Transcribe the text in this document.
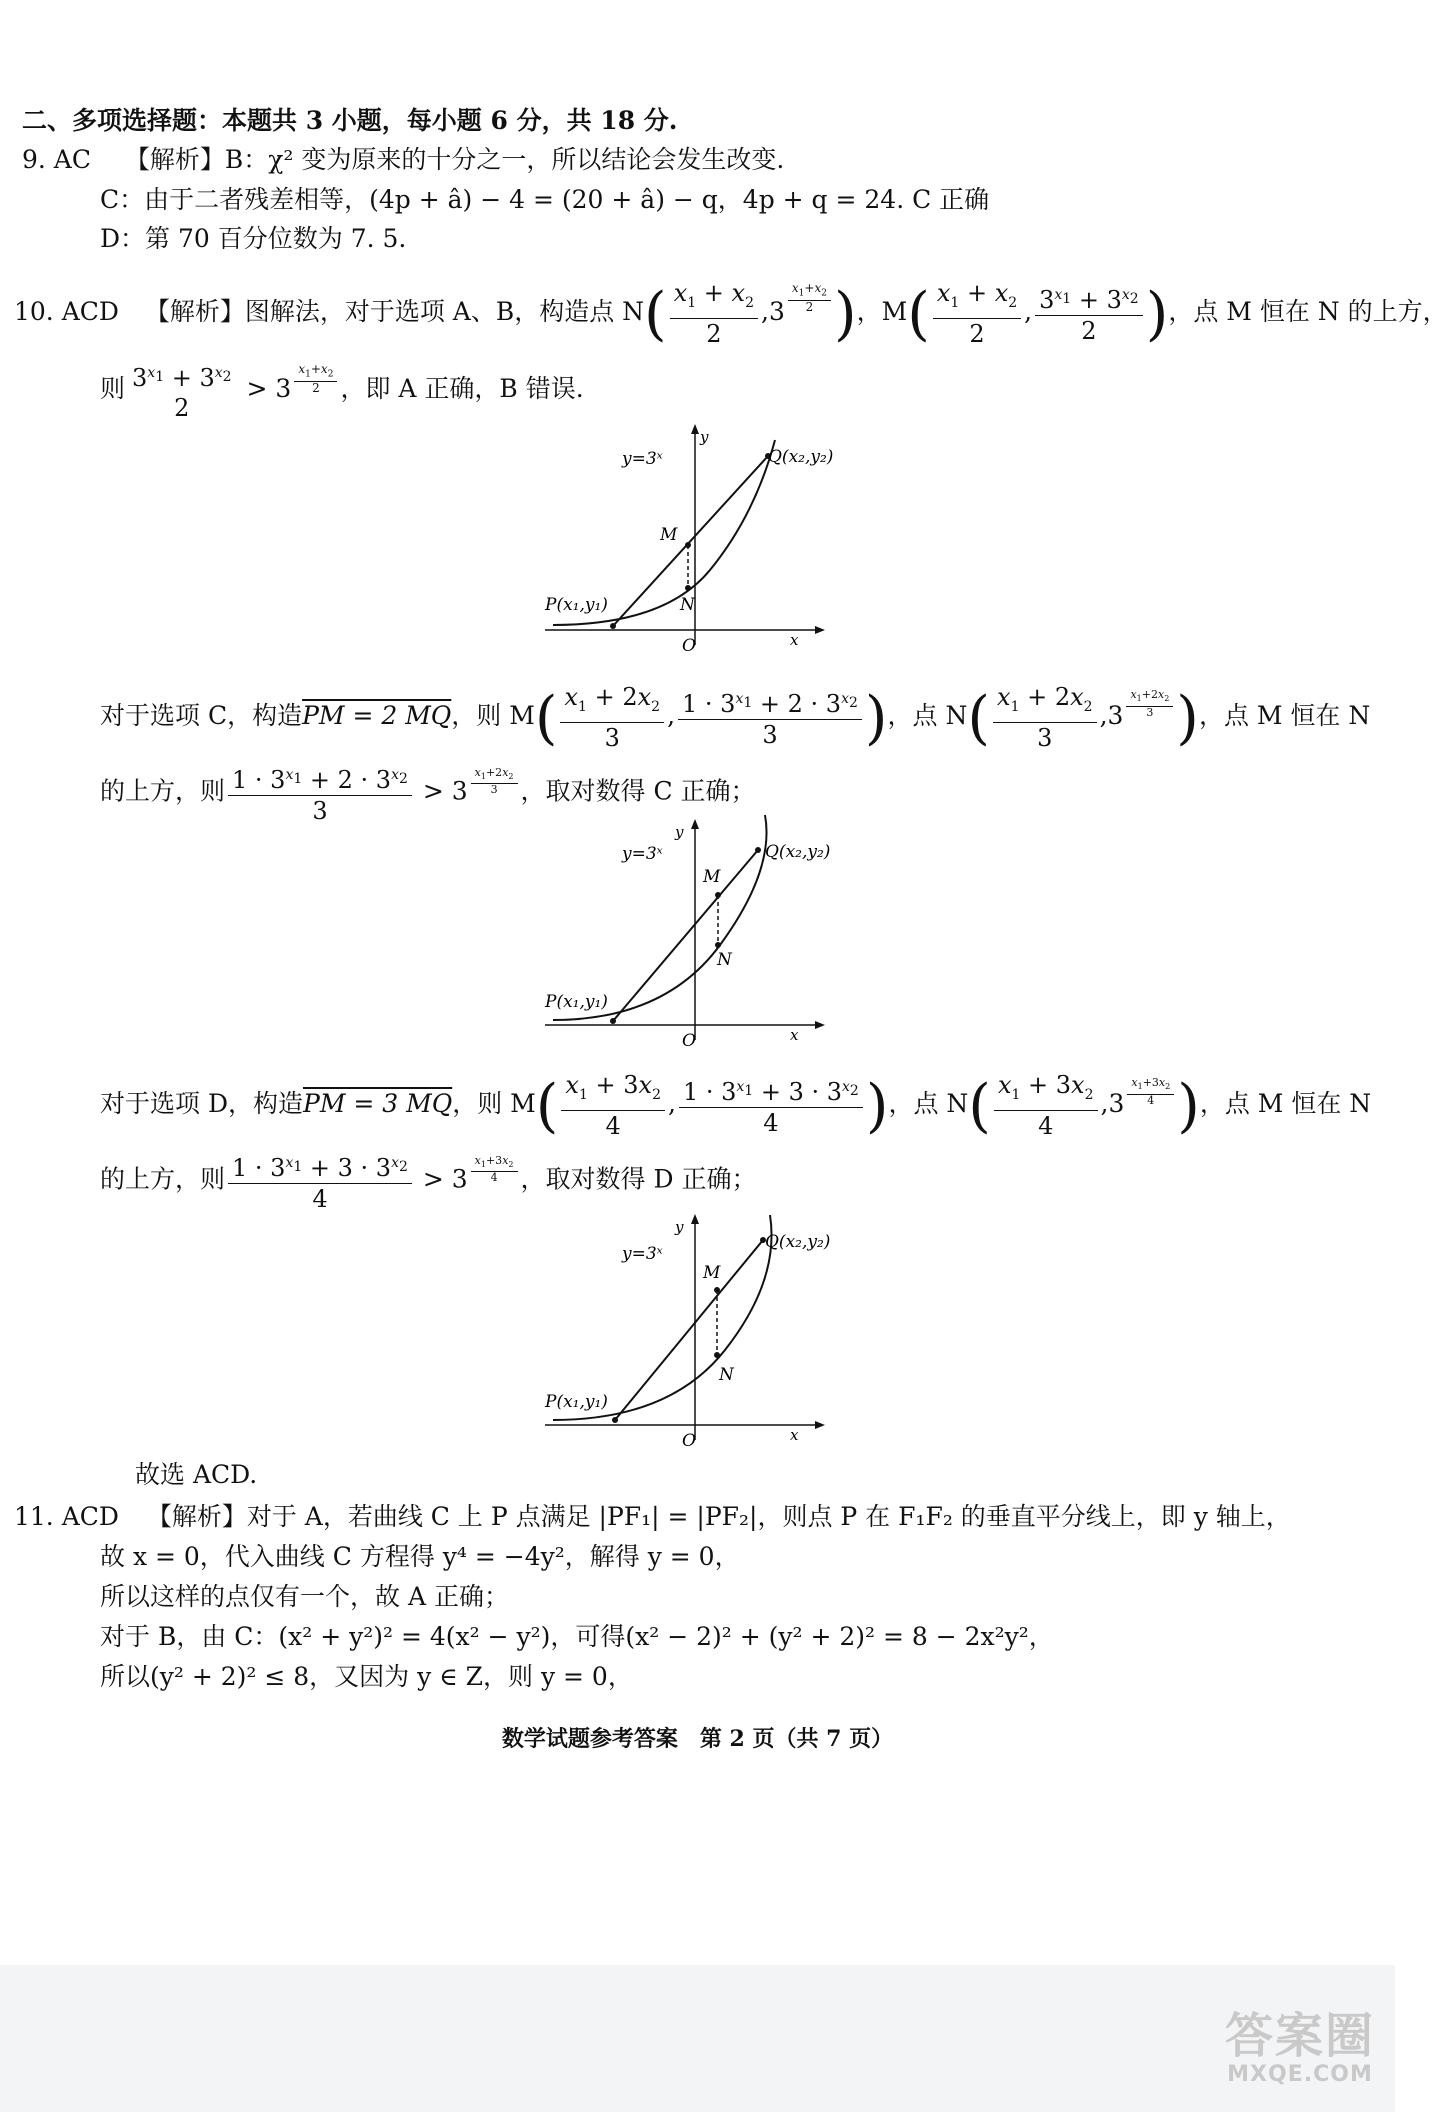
二、多项选择题：本题共 3 小题，每小题 6 分，共 18 分.
9. AC 【解析】B：χ² 变为原来的十分之一，所以结论会发生改变.
C：由于二者残差相等，(4p + â) − 4 = (20 + â) − q，4p + q = 24. C 正确
D：第 70 百分位数为 7. 5.
10. ACD 【解析】图解法，对于选项 A、B，构造点 $N( \frac{x_1 + x_2}{2} ,3$ $^{\frac{x_1+x_2}{2}}$ )，$M( \frac{x_1 + x_2}{2}$ , $\frac{3^{x_1} + 3^{x_2}}{2}$ )，点 M 恒在 N 的上方，
则 $3^{x_1} + 3^{x_2}$
2
> 3 $^{\frac{x_1+x_2}{2}}$ ，即 A 正确，B 错误.
y=3ˣ
y
Q(x₂,y₂)
M
N
P(x₁,y₁)
O	x
对于选项 C，构造PM = 2 MQ，则 $M( \frac{x_1 + 2x_2}{3}$ , $\frac{1 \cdot 3^{x_1} + 2 \cdot 3^{x_2}}{3}$ )，点 $N( \frac{x_1 + 2x_2}{3} ,3$ $^{\frac{x_1+2x_2}{3}}$ )，点 M 恒在 N
的上方，则 $\frac{1 \cdot 3^{x_1} + 2 \cdot 3^{x_2}}{3} > 3$ $^{\frac{x_1+2x_2}{3}}$ ，取对数得 C 正确；
y=3ˣ
y
Q(x₂,y₂)
M
N
P(x₁,y₁)
O	x
对于选项 D，构造PM = 3 MQ，则 $M( \frac{x_1 + 3x_2}{4}$ , $\frac{1 \cdot 3^{x_1} + 3 \cdot 3^{x_2}}{4}$ )，点 $N( \frac{x_1 + 3x_2}{4} ,3$ $^{\frac{x_1+3x_2}{4}}$ )，点 M 恒在 N
的上方，则 $\frac{1 \cdot 3^{x_1} + 3 \cdot 3^{x_2}}{4} > 3$ $^{\frac{x_1+3x_2}{4}}$ ，取对数得 D 正确；
y=3ˣ
y
Q(x₂,y₂)
M
N
P(x₁,y₁)
O	x
故选 ACD.
11. ACD 【解析】对于 A，若曲线 C 上 P 点满足 |PF₁| = |PF₂|，则点 P 在 F₁F₂ 的垂直平分线上，即 y 轴上，
故 x = 0，代入曲线 C 方程得 y⁴ = −4y²，解得 y = 0，
所以这样的点仅有一个，故 A 正确；
对于 B，由 C：(x² + y²)² = 4(x² − y²)，可得(x² − 2)² + (y² + 2)² = 8 − 2x²y²，
所以(y² + 2)² ≤ 8，又因为 y ∈ Z，则 y = 0，
数学试题参考答案　第 2 页（共 7 页）
答案圈
MXQE.COM
